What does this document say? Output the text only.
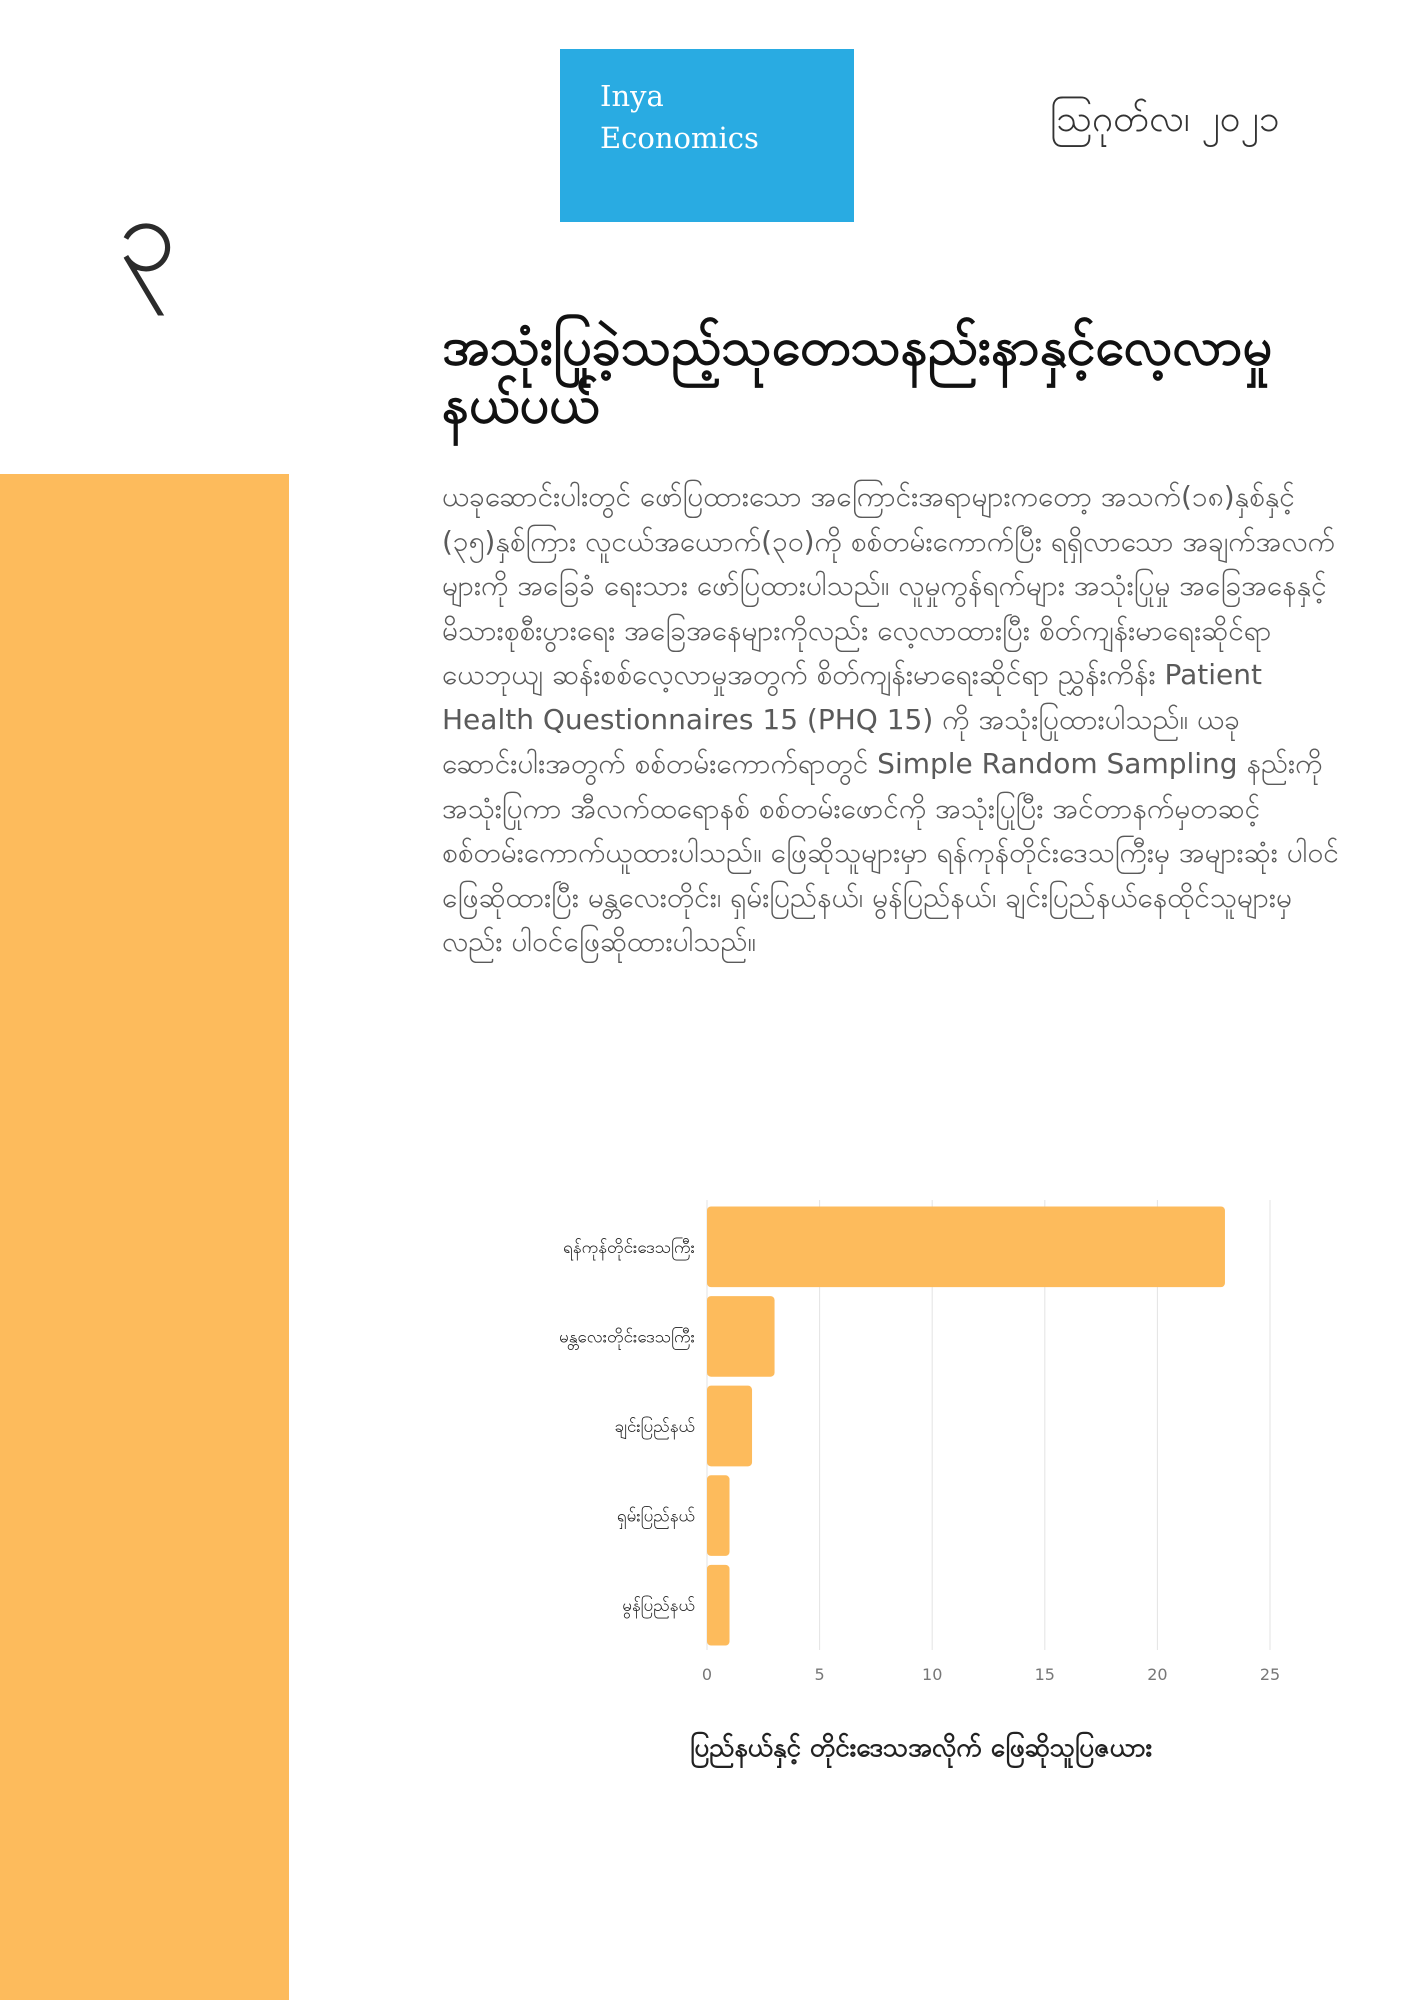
၃
Inya
Economics	ဩဂုတ်လ၊ ၂၀၂၁
အသုံးပြုခဲ့သည့်သုတေသနည်းနာနှင့်လေ့လာမှုနယ်ပယ်

ယခုဆောင်းပါးတွင် ဖော်ပြထားသော အကြောင်းအရာများကတော့ အသက်(၁၈)နှစ်နှင့် (၃၅)နှစ်ကြား လူငယ်အယောက်(၃၀)ကို စစ်တမ်းကောက်ပြီး ရရှိလာသော အချက်အလက် များကို အခြေခံ ရေးသား ဖော်ပြထားပါသည်။ လူမှုကွန်ရက်များ အသုံးပြုမှု အခြေအနေနှင့် မိသားစုစီးပွားရေး အခြေအနေများကိုလည်း လေ့လာထားပြီး စိတ်ကျန်းမာရေးဆိုင်ရာ ယေဘုယျ ဆန်းစစ်လေ့လာမှုအတွက် စိတ်ကျန်းမာရေးဆိုင်ရာ ညွှန်းကိန်း Patient Health Questionnaires 15 (PHQ 15) ကို အသုံးပြုထားပါသည်။ ယခုဆောင်းပါးအတွက် စစ်တမ်းကောက်ရာတွင် Simple Random Sampling နည်းကို အသုံးပြုကာ အီလက်ထရောနစ် စစ်တမ်းဖောင်ကို အသုံးပြုပြီး အင်တာနက်မှတဆင့် စစ်တမ်းကောက်ယူထားပါသည်။ ဖြေဆိုသူများမှာ ရန်ကုန်တိုင်းဒေသကြီးမှ အများဆုံး ပါဝင်ဖြေဆိုထားပြီး မန္တလေးတိုင်း၊ ရှမ်းပြည်နယ်၊ မွန်ပြည်နယ်၊ ချင်းပြည်နယ်နေထိုင်သူများမှလည်း ပါဝင်ဖြေဆိုထားပါသည်။

0	5	10	15	20	25
ရန်ကုန်တိုင်းဒေသကြီး
မန္တလေးတိုင်းဒေသကြီး
ချင်းပြည်နယ်
ရှမ်းပြည်နယ်
မွန်ပြည်နယ်
ပြည်နယ်နှင့် တိုင်းဒေသအလိုက် ဖြေဆိုသူပြဇယား
